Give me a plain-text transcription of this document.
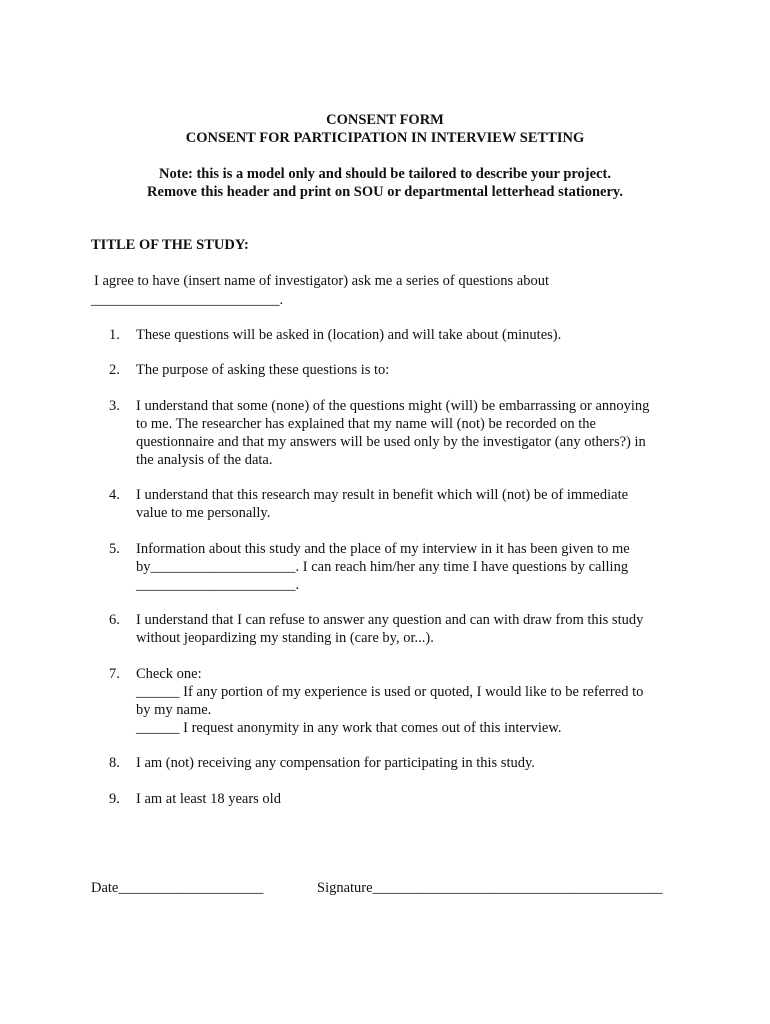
CONSENT FORM
CONSENT FOR PARTICIPATION IN INTERVIEW SETTING
Note: this is a model only and should be tailored to describe your project.
Remove this header and print on SOU or departmental letterhead stationery.
TITLE OF THE STUDY:
I agree to have (insert name of investigator) ask me a series of questions about
__________________________.
1.	These questions will be asked in (location) and will take about (minutes).
2.	The purpose of asking these questions is to:
3.	I understand that some (none) of the questions might (will) be embarrassing or annoying
to me. The researcher has explained that my name will (not) be recorded on the
questionnaire and that my answers will be used only by the investigator (any others?) in
the analysis of the data.
4.	I understand that this research may result in benefit which will (not) be of immediate
value to me personally.
5.	Information about this study and the place of my interview in it has been given to me
by____________________. I can reach him/her any time I have questions by calling
______________________.
6.	I understand that I can refuse to answer any question and can with draw from this study
without jeopardizing my standing in (care by, or...).
7.	Check one:
______ If any portion of my experience is used or quoted, I would like to be referred to
by my name.
______ I request anonymity in any work that comes out of this interview.
8.	I am (not) receiving any compensation for participating in this study.
9.	I am at least 18 years old
Date____________________	Signature________________________________________
